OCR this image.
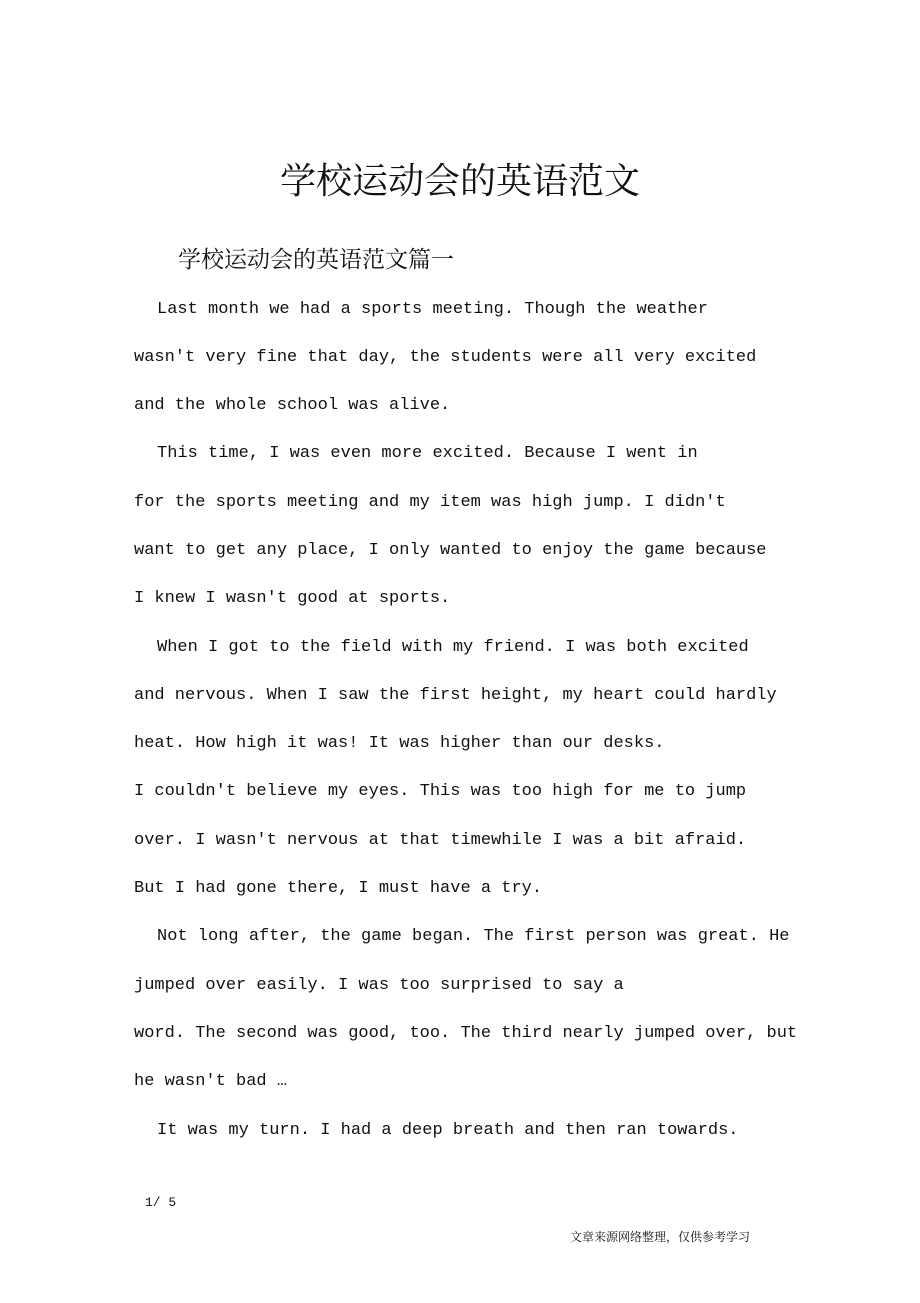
学校运动会的英语范文
学校运动会的英语范文篇一
Last month we had a sports meeting. Though the weather
wasn't very fine that day, the students were all very excited
and the whole school was alive.
This time, I was even more excited. Because I went in
for the sports meeting and my item was high jump. I didn't
want to get any place, I only wanted to enjoy the game because
I knew I wasn't good at sports.
When I got to the field with my friend. I was both excited
and nervous. When I saw the first height, my heart could hardly
heat. How high it was! It was higher than our desks.
I couldn't believe my eyes. This was too high for me to jump
over. I wasn't nervous at that timewhile I was a bit afraid.
But I had gone there, I must have a try.
Not long after, the game began. The first person was great. He
jumped over easily. I was too surprised to say a
word. The second was good, too. The third nearly jumped over, but
he wasn't bad …
It was my turn. I had a deep breath and then ran towards.
1/ 5
文章来源网络整理，仅供参考学习
